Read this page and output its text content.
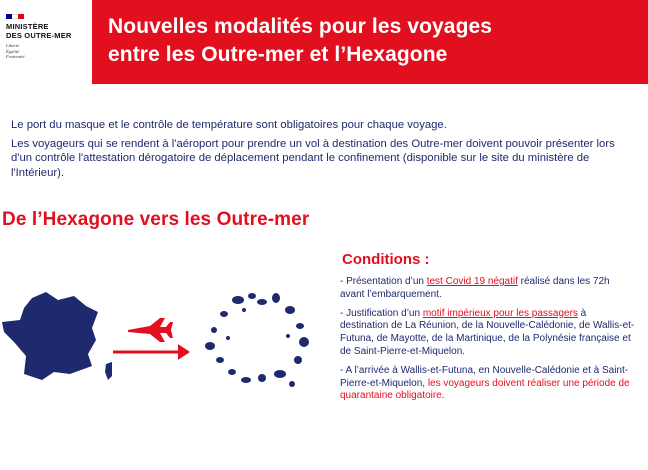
MINISTÈRE
DES OUTRE-MER
Liberté
Égalité
Fraternité
Nouvelles modalités pour les voyages
entre les Outre-mer et l’Hexagone

Le port du masque et le contrôle de température sont obligatoires pour chaque voyage.

Les voyageurs qui se rendent à l'aéroport pour prendre un vol à destination des Outre-mer doivent pouvoir présenter lors d'un contrôle l'attestation dérogatoire de déplacement pendant le confinement (disponible sur le site du ministère de l'Intérieur).

De l’Hexagone vers les Outre-mer
Conditions :
- Présentation d’un test Covid 19 négatif réalisé dans les 72h avant l’embarquement.
- Justification d’un motif impérieux pour les passagers à destination de La Réunion, de la Nouvelle-Calédonie, de Wallis-et-Futuna, de Mayotte, de la Martinique, de la Polynésie française et de Saint-Pierre-et-Miquelon.
- A l’arrivée à Wallis-et-Futuna, en Nouvelle-Calédonie et à Saint-Pierre-et-Miquelon, les voyageurs doivent réaliser une période de quarantaine obligatoire.
